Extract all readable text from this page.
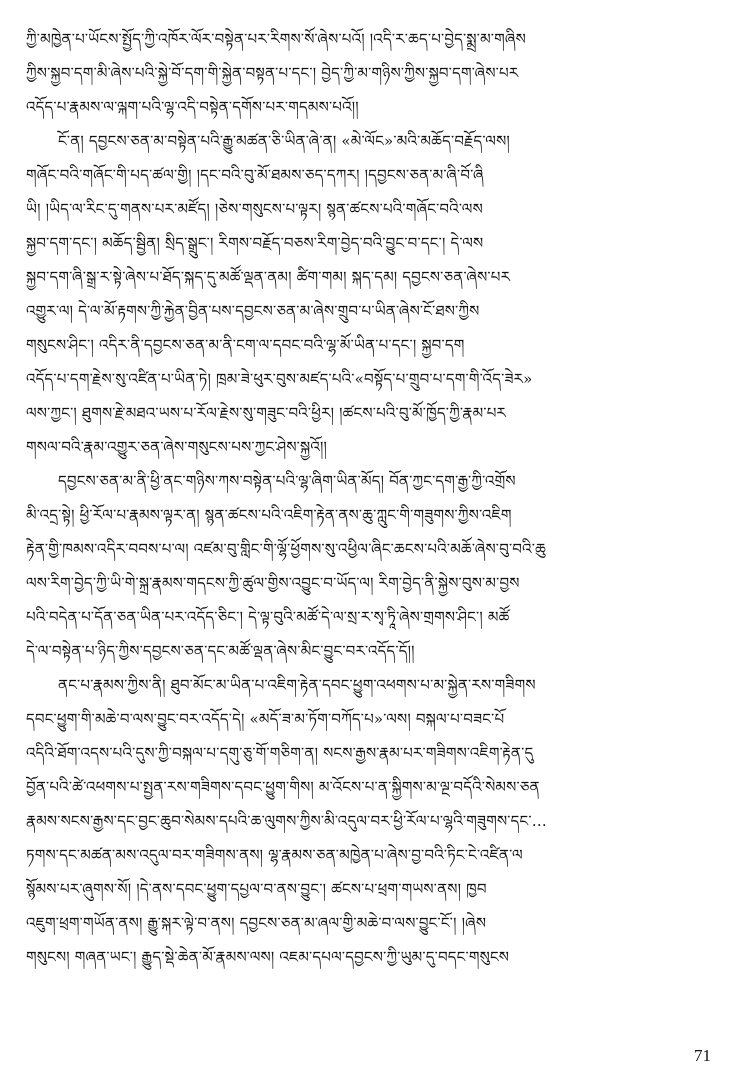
ཀྱི་མཁྱེན་པ་ཡོངས་སྤྱོད་ཀྱི་འཁོར་ལོར་བསྟེན་པར་རིགས་སོ་ཞེས་པའོ། །འདི་ར་ཆད་པ་བྱེད་སྨྲ་མ་གཞིས
ཀྱིས་སྐྱབ་དག་མི་ཞེས་པའི་སྐྱེ་བོ་དག་གི་སྐྱེན་བསྟན་པ་དང་། བྱེད་ཀྱི་མ་གཉིས་ཀྱིས་སྐྱབ་དག་ཞེས་པར
འདོད་པ་རྣམས་ལ་ལྐག་པའི་ལྷ་འདི་བསྟེན་དགོས་པར་གདམས་པའོ།།
ངོ་ན། དབྱངས་ཅན་མ་བསྟེན་པའི་རྒྱུ་མཚན་ཅི་ཡིན་ཞེ་ན། «མེ་ལོང»་མའི་མཆོད་བརྗོད་ལས།
གཞོང་བའི་གཞོང་གི་པད་ཚལ་གྱི། །དང་བའི་བུ་མོ་ཐམས་ཅད་དཀར། །དབྱངས་ཅན་མ་ཞི་བོ་ཞི
ཡི། །ཡིད་ལ་རིང་དུ་གནས་པར་མཛོད། །ཅེས་གསུངས་པ་ལྟར། སྙན་ཚངས་པའི་གཞོང་བའི་ལས
སྐྱབ་དག་དང་། མཆོད་སྦྱིན། སྲིད་སྒྲུང་། རིགས་བརྗོད་བཅས་རིག་བྱེད་བའི་བྱུང་བ་དང་། དེ་ལས
སྐྱབ་དག་ཞི་སྒྲ་ར་སྟེ་ཞེས་པ་ཐོད་སྐད་དུ་མཚོ་ལྡན་ནམ། ཚིག་གམ། སྐད་དམ། དབྱངས་ཅན་ཞེས་པར
འགྱུར་ལ། དེ་ལ་མོ་རྟགས་ཀྱི་རྐྱེན་བྱིན་པས་དབྱངས་ཅན་མ་ཞེས་གྲུབ་པ་ཡིན་ཞེས་ངོ་ཐས་ཀྱིས
གསུངས་ཤིང་། འདིར་ནི་དབྱངས་ཅན་མ་ནི་ངག་ལ་དབང་བའི་ལྷ་མོ་ཡིན་པ་དང་། སྐྱབ་དག
འདོད་པ་དག་རྗེས་སུ་འཛིན་པ་ཡིན་ཏེ། ཁྲམ་ཟེ་ཕུར་བུས་མཛད་པའི་«བསྟོད་པ་གྲུབ་པ་དག་གི་འོད་ཟེར»
ལས་ཀྱང་། ཐུགས་རྗེ་མཐའ་ཡས་པ་རོལ་རྗེས་སུ་གཟུང་བའི་ཕྱིར། །ཚངས་པའི་བུ་མོ་ཁྱོད་ཀྱི་རྣམ་པར
གསལ་བའི་རྣམ་འགྱུར་ཅན་ཞེས་གསུངས་པས་ཀྱང་ཤེས་སྐྱའོ།།
དབྱངས་ཅན་མ་ནི་ཕྱི་ནང་གཉིས་ཀས་བསྟེན་པའི་ལྷ་ཞིག་ཡིན་མོད། བོན་ཀྱང་དག་རྒྱ་ཀྱི་འགྲོས
མི་འདྲ་སྟེ། ཕྱི་རོལ་པ་རྣམས་ལྟར་ན། སྙན་ཚངས་པའི་འཇིག་རྟེན་ནས་ཆུ་ཀླུང་གི་གཟུགས་ཀྱིས་འཇིག
རྟེན་གྱི་ཁམས་འདིར་བབས་པ་ལ། འཛམ་བུ་གླིང་གི་ལྷོ་ཕྱོགས་སུ་འཕྱིལ་ཞིང་ཆངས་པའི་མཆོ་ཞེས་བུ་བའི་ཆུ
ལས་རིག་བྱེད་ཀྱི་ཡི་གེ་སྐྲ་རྣམས་གདངས་ཀྱི་ཚུལ་གྱིས་འབྱུང་བ་ཡོད་ལ། རིག་བྱེད་ནི་སྐྱེས་བུས་མ་བྱས
པའི་བདེན་པ་དོན་ཅན་ཡིན་པར་འདོད་ཅིང་། དེ་ལྟ་བུའི་མཚོ་དེ་ལ་སྲ་ར་སྭ་ཏཱི་ཞེས་གྲགས་ཤིང་། མཚོ
དེ་ལ་བསྟེན་པ་ཉིད་ཀྱིས་དབྱངས་ཅན་དང་མཚོ་ལྡན་ཞེས་མིང་བྱུང་བར་འདོད་དོ།།
ནང་པ་རྣམས་ཀྱིས་ནི། ཐུབ་མོང་མ་ཡིན་པ་འཇིག་རྟེན་དབང་ཕྱུག་འཕགས་པ་མ་སྐྱེན་རས་གཟིགས
དབང་ཕྱུག་གི་མཆེ་བ་ལས་བྱུང་བར་འདོད་དེ། «མདོ་ཟ་མ་ཏོག་བཀོད་པ»་ལས། བསྐལ་པ་བཟང་པོ
འདིའི་ཐོག་འདས་པའི་དུས་ཀྱི་བསྐལ་པ་དགུ་ཅུ་གོ་གཅིག་ན། སངས་རྒྱས་རྣམ་པར་གཟིགས་འཇིག་རྟེན་དུ
བྱོན་པའི་ཚེ་འཕགས་པ་སྤྱན་རས་གཟིགས་དབང་ཕྱུག་གིས། མ་འོངས་པ་ན་སྐྱིགས་མ་ལྔ་བདོའི་སེམས་ཅན
རྣམས་སངས་རྒྱས་དང་བྱང་ཆུབ་སེམས་དཔའི་ཆ་ལུགས་ཀྱིས་མི་འདུལ་བར་ཕྱི་རོལ་པ་ལྷའི་གཟུགས་དང་…
ཏགས་དང་མཚན་མས་འདུལ་བར་གཟིགས་ནས། ལྷ་རྣམས་ཅན་མཁྱེན་པ་ཞེས་བྱ་བའི་ཏིང་ངེ་འཛིན་ལ
སྙོམས་པར་ཞུགས་སོ། །དེ་ནས་དབང་ཕྱུག་དཔྱལ་བ་ནས་བྱུང་། ཚངས་པ་ཕྲག་གཡས་ནས། ཁྱབ
འཇུག་ཕྲག་གཡོན་ནས། རྒྱུ་སྐར་ལྟེ་བ་ནས། དབྱངས་ཅན་མ་ཞལ་གྱི་མཆེ་བ་ལས་བྱུང་ངོ་། །ཞེས
གསུངས། གཞན་ཡང་། རྒྱུད་སྡེ་ཆེན་མོ་རྣམས་ལས། འཇམ་དཔལ་དབྱངས་ཀྱི་ཡུམ་དུ་བདང་གསུངས
71
